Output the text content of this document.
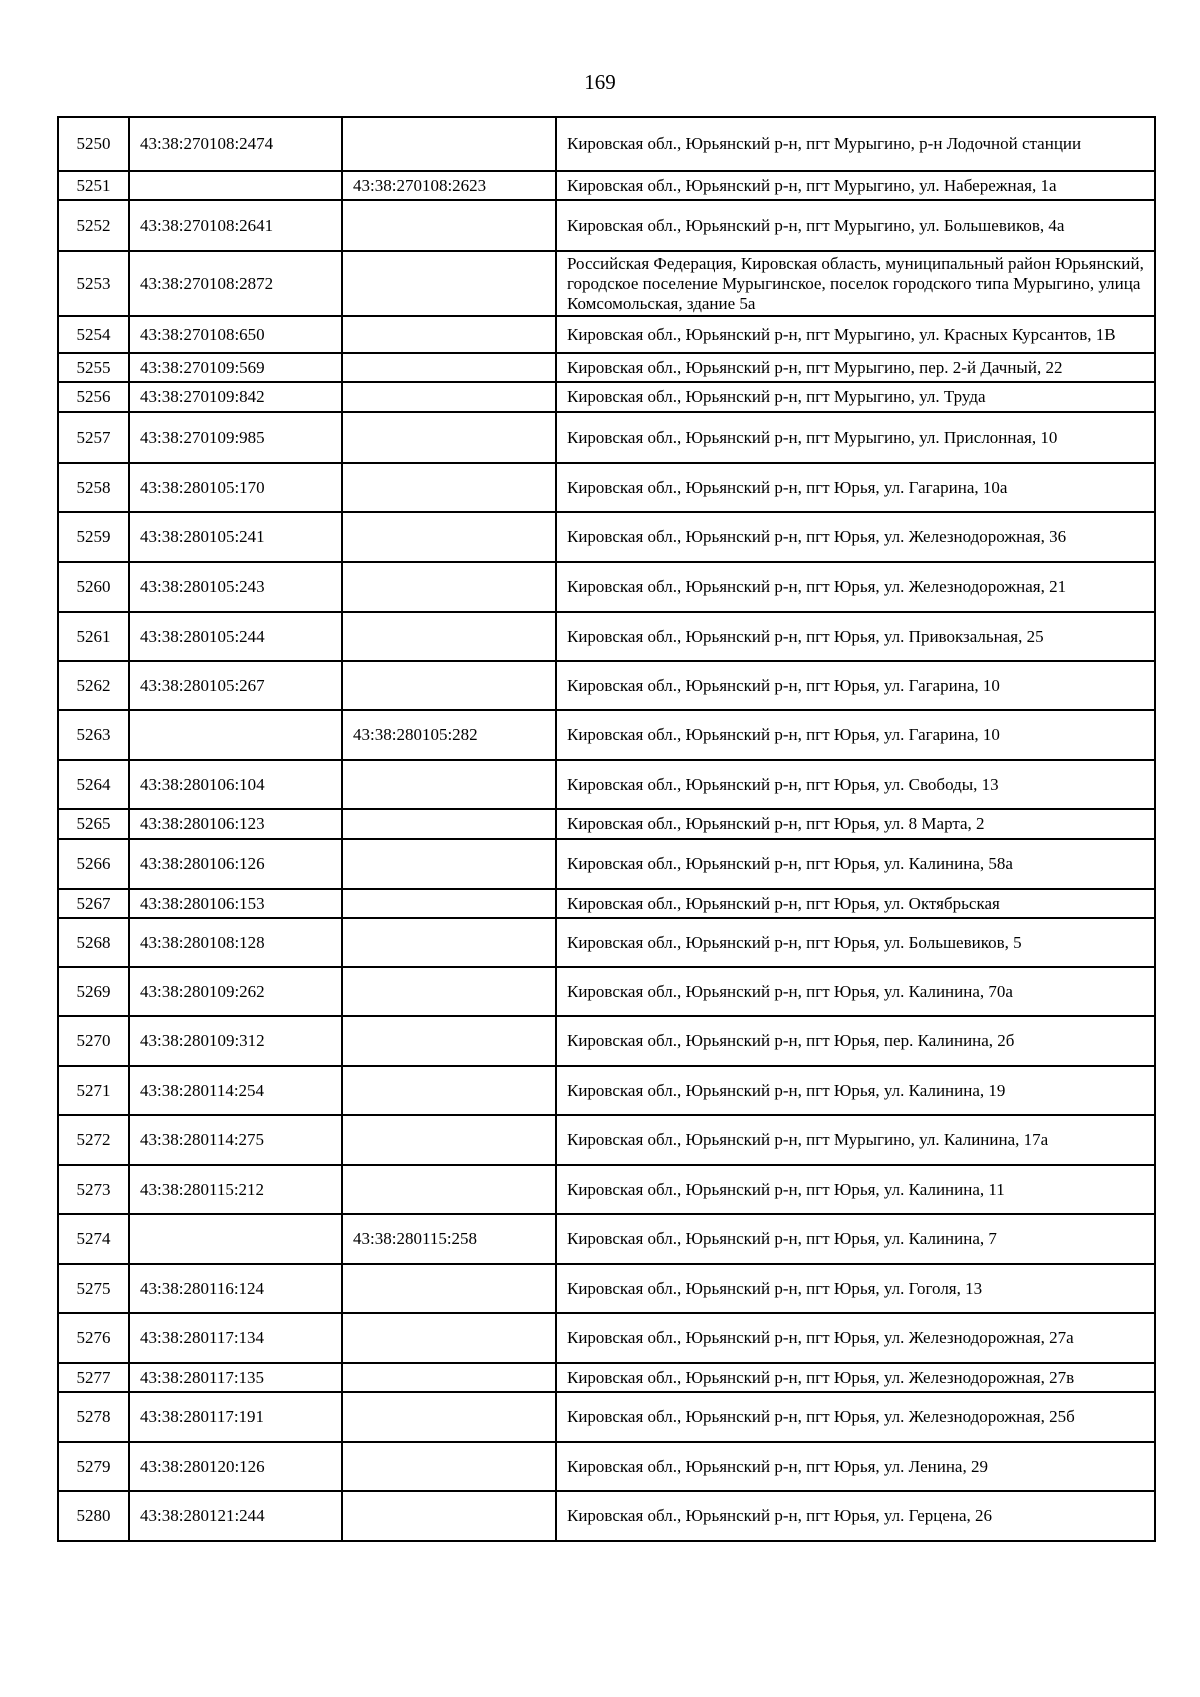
169
5250	43:38:270108:2474		Кировская обл., Юрьянский р-н, пгт Мурыгино, р-н Лодочной станции
5251		43:38:270108:2623	Кировская обл., Юрьянский р-н, пгт Мурыгино, ул. Набережная, 1а
5252	43:38:270108:2641		Кировская обл., Юрьянский р-н, пгт Мурыгино, ул. Большевиков, 4а
5253	43:38:270108:2872		Российская Федерация, Кировская область, муниципальный район Юрьянский, городское поселение Мурыгинское, поселок городского типа Мурыгино, улица Комсомольская, здание 5а
5254	43:38:270108:650		Кировская обл., Юрьянский р-н, пгт Мурыгино, ул. Красных Курсантов, 1В
5255	43:38:270109:569		Кировская обл., Юрьянский р-н, пгт Мурыгино, пер. 2-й Дачный, 22
5256	43:38:270109:842		Кировская обл., Юрьянский р-н, пгт Мурыгино, ул. Труда
5257	43:38:270109:985		Кировская обл., Юрьянский р-н, пгт Мурыгино, ул. Прислонная, 10
5258	43:38:280105:170		Кировская обл., Юрьянский р-н, пгт Юрья, ул. Гагарина, 10а
5259	43:38:280105:241		Кировская обл., Юрьянский р-н, пгт Юрья, ул. Железнодорожная, 36
5260	43:38:280105:243		Кировская обл., Юрьянский р-н, пгт Юрья, ул. Железнодорожная, 21
5261	43:38:280105:244		Кировская обл., Юрьянский р-н, пгт Юрья, ул. Привокзальная, 25
5262	43:38:280105:267		Кировская обл., Юрьянский р-н, пгт Юрья, ул. Гагарина, 10
5263		43:38:280105:282	Кировская обл., Юрьянский р-н, пгт Юрья, ул. Гагарина, 10
5264	43:38:280106:104		Кировская обл., Юрьянский р-н, пгт Юрья, ул. Свободы, 13
5265	43:38:280106:123		Кировская обл., Юрьянский р-н, пгт Юрья, ул. 8 Марта, 2
5266	43:38:280106:126		Кировская обл., Юрьянский р-н, пгт Юрья, ул. Калинина, 58а
5267	43:38:280106:153		Кировская обл., Юрьянский р-н, пгт Юрья, ул. Октябрьская
5268	43:38:280108:128		Кировская обл., Юрьянский р-н, пгт Юрья, ул. Большевиков, 5
5269	43:38:280109:262		Кировская обл., Юрьянский р-н, пгт Юрья, ул. Калинина, 70а
5270	43:38:280109:312		Кировская обл., Юрьянский р-н, пгт Юрья, пер. Калинина, 2б
5271	43:38:280114:254		Кировская обл., Юрьянский р-н, пгт Юрья, ул. Калинина, 19
5272	43:38:280114:275		Кировская обл., Юрьянский р-н, пгт Мурыгино, ул. Калинина, 17а
5273	43:38:280115:212		Кировская обл., Юрьянский р-н, пгт Юрья, ул. Калинина, 11
5274		43:38:280115:258	Кировская обл., Юрьянский р-н, пгт Юрья, ул. Калинина, 7
5275	43:38:280116:124		Кировская обл., Юрьянский р-н, пгт Юрья, ул. Гоголя, 13
5276	43:38:280117:134		Кировская обл., Юрьянский р-н, пгт Юрья, ул. Железнодорожная, 27а
5277	43:38:280117:135		Кировская обл., Юрьянский р-н, пгт Юрья, ул. Железнодорожная, 27в
5278	43:38:280117:191		Кировская обл., Юрьянский р-н, пгт Юрья, ул. Железнодорожная, 25б
5279	43:38:280120:126		Кировская обл., Юрьянский р-н, пгт Юрья, ул. Ленина, 29
5280	43:38:280121:244		Кировская обл., Юрьянский р-н, пгт Юрья, ул. Герцена, 26
